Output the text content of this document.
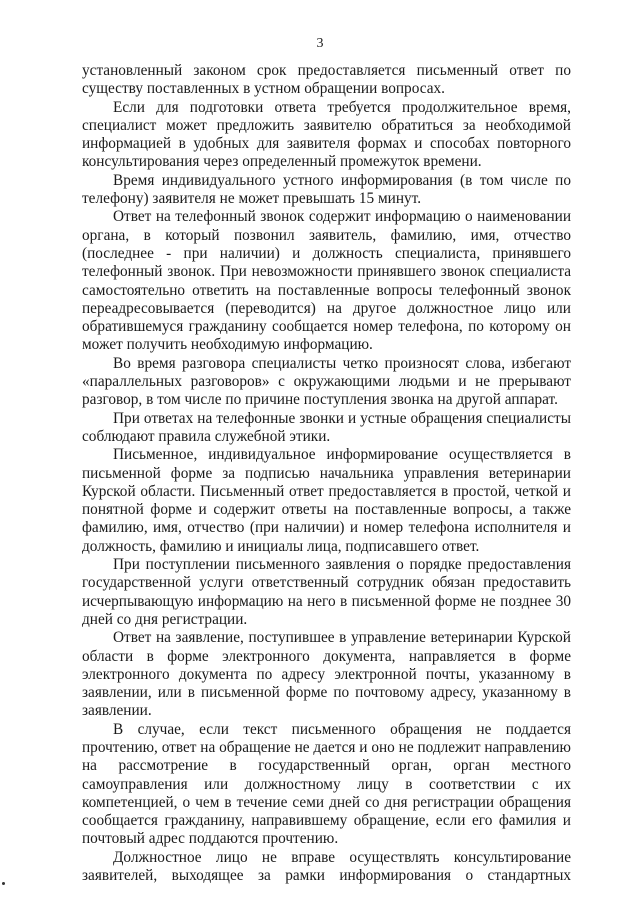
3

установленный законом срок предоставляется письменный ответ по существу поставленных в устном обращении вопросах.

Если для подготовки ответа требуется продолжительное время, специалист может предложить заявителю обратиться за необходимой информацией в удобных для заявителя формах и способах повторного консультирования через определенный промежуток времени.

Время индивидуального устного информирования (в том числе по телефону) заявителя не может превышать 15 минут.

Ответ на телефонный звонок содержит информацию о наименовании органа, в который позвонил заявитель, фамилию, имя, отчество (последнее - при наличии) и должность специалиста, принявшего телефонный звонок. При невозможности принявшего звонок специалиста самостоятельно ответить на поставленные вопросы телефонный звонок переадресовывается (переводится) на другое должностное лицо или обратившемуся гражданину сообщается номер телефона, по которому он может получить необходимую информацию.

Во время разговора специалисты четко произносят слова, избегают «параллельных разговоров» с окружающими людьми и не прерывают разговор, в том числе по причине поступления звонка на другой аппарат.

При ответах на телефонные звонки и устные обращения специалисты соблюдают правила служебной этики.

Письменное, индивидуальное информирование осуществляется в письменной форме за подписью начальника управления ветеринарии Курской области. Письменный ответ предоставляется в простой, четкой и понятной форме и содержит ответы на поставленные вопросы, а также фамилию, имя, отчество (при наличии) и номер телефона исполнителя и должность, фамилию и инициалы лица, подписавшего ответ.

При поступлении письменного заявления о порядке предоставления государственной услуги ответственный сотрудник обязан предоставить исчерпывающую информацию на него в письменной форме не позднее 30 дней со дня регистрации.

Ответ на заявление, поступившее в управление ветеринарии Курской области в форме электронного документа, направляется в форме электронного документа по адресу электронной почты, указанному в заявлении, или в письменной форме по почтовому адресу, указанному в заявлении.

В случае, если текст письменного обращения не поддается прочтению, ответ на обращение не дается и оно не подлежит направлению на рассмотрение в государственный орган, орган местного самоуправления или должностному лицу в соответствии с их компетенцией, о чем в течение семи дней со дня регистрации обращения сообщается гражданину, направившему обращение, если его фамилия и почтовый адрес поддаются прочтению.

Должностное лицо не вправе осуществлять консультирование заявителей, выходящее за рамки информирования о стандартных
